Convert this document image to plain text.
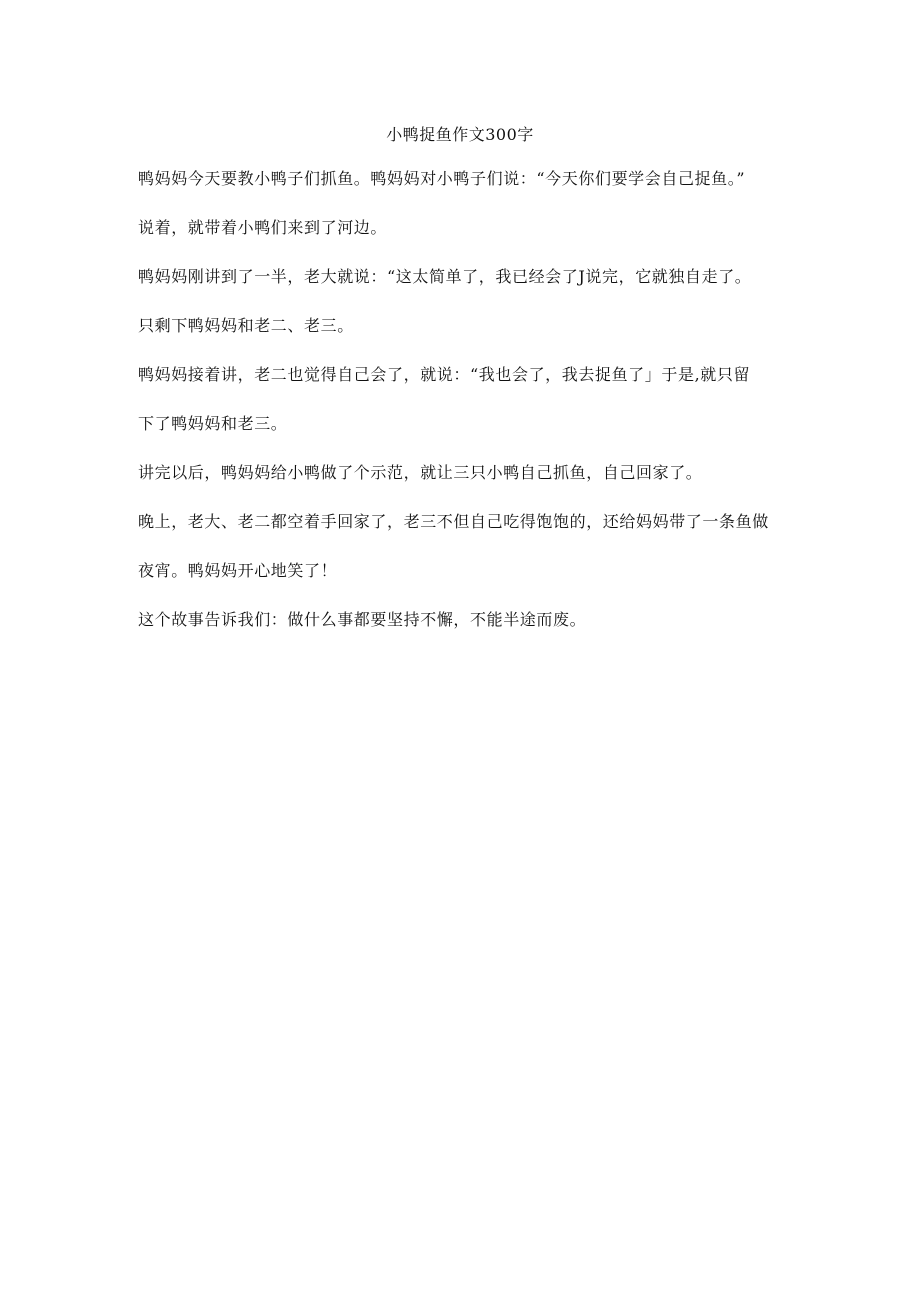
小鸭捉鱼作文300字
鸭妈妈今天要教小鸭子们抓鱼。鸭妈妈对小鸭子们说：“今天你们要学会自己捉鱼。”
说着，就带着小鸭们来到了河边。
鸭妈妈刚讲到了一半，老大就说：“这太简单了，我已经会了J说完，它就独自走了。
只剩下鸭妈妈和老二、老三。
鸭妈妈接着讲，老二也觉得自己会了，就说：“我也会了，我去捉鱼了」于是,就只留
下了鸭妈妈和老三。
讲完以后，鸭妈妈给小鸭做了个示范，就让三只小鸭自己抓鱼，自己回家了。
晚上，老大、老二都空着手回家了，老三不但自己吃得饱饱的，还给妈妈带了一条鱼做
夜宵。鸭妈妈开心地笑了！
这个故事告诉我们：做什么事都要坚持不懈，不能半途而废。
